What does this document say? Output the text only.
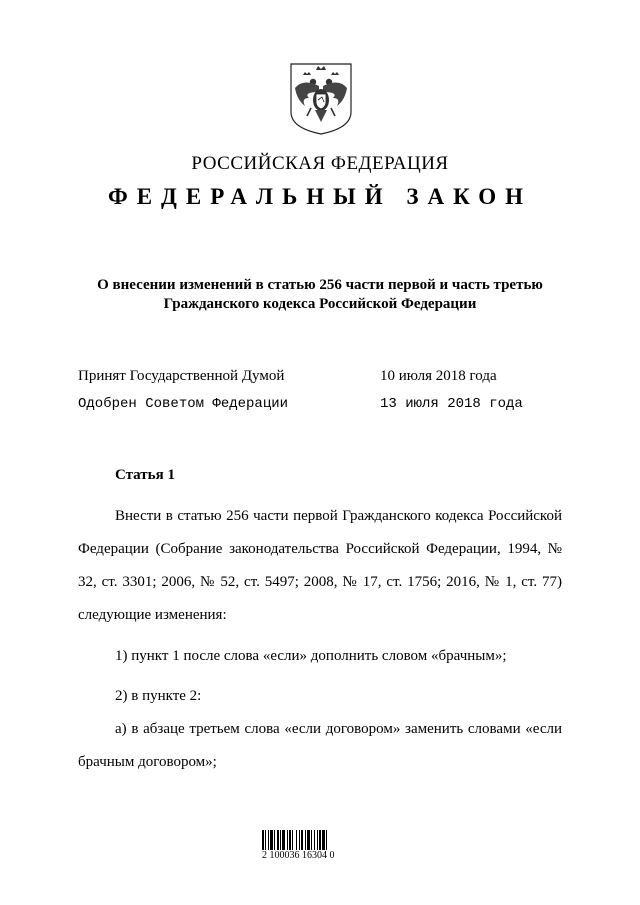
РОССИЙСКАЯ ФЕДЕРАЦИЯ
ФЕДЕРАЛЬНЫЙ ЗАКОН
О внесении изменений в статью 256 части первой и часть третью
Гражданского кодекса Российской Федерации
Принят Государственной Думой	10 июля 2018 года
Одобрен Советом Федерации	13 июля 2018 года
Статья 1
Внести в статью 256 части первой Гражданского кодекса Российской Федерации (Собрание законодательства Российской Федерации, 1994, № 32, ст. 3301; 2006, № 52, ст. 5497; 2008, № 17, ст. 1756; 2016, № 1, ст. 77) следующие изменения:
1) пункт 1 после слова «если» дополнить словом «брачным»;
2) в пункте 2:
а) в абзаце третьем слова «если договором» заменить словами «если брачным договором»;
2 100036 16304 0
